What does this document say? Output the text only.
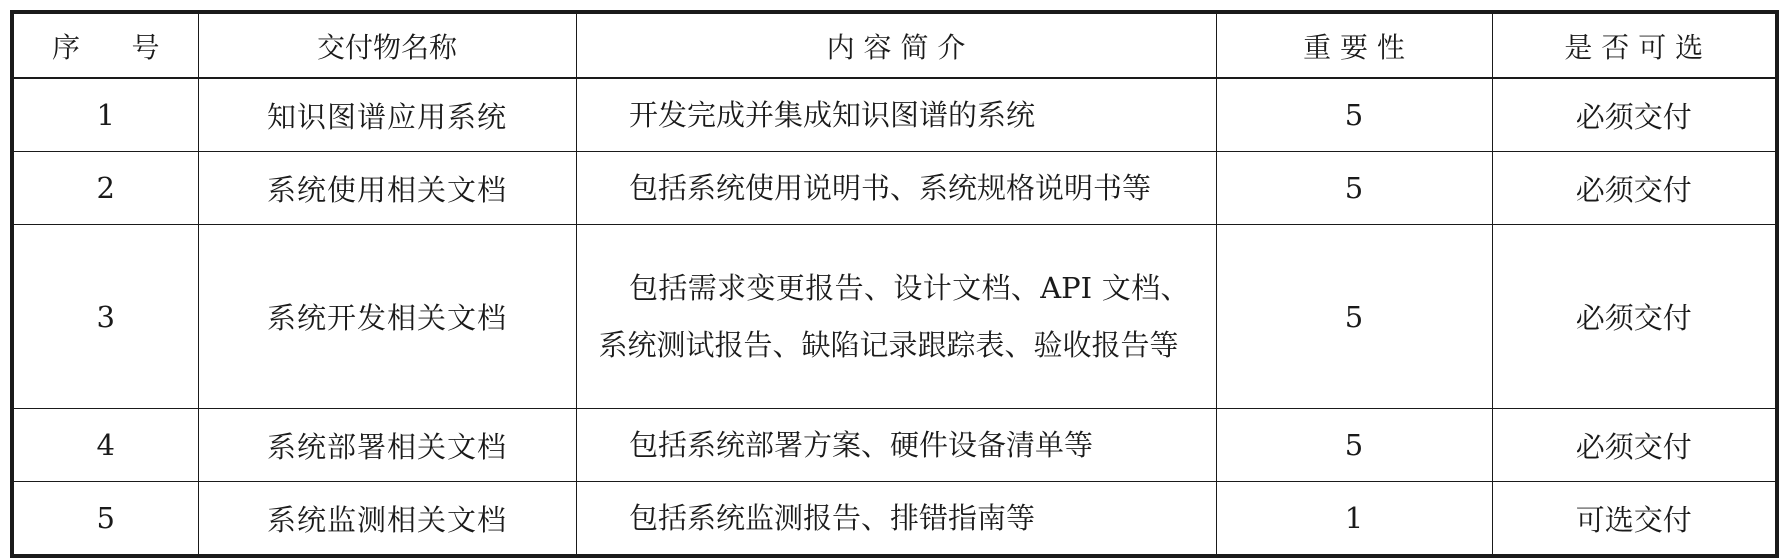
序 号	交付物名称	内 容 简 介	重 要 性	是 否 可 选
1	知识图谱应用系统	开发完成并集成知识图谱的系统	5	必须交付
2	系统使用相关文档	包括系统使用说明书、系统规格说明书等	5	必须交付
3	系统开发相关文档	包括需求变更报告、设计文档、API 文档、系统测试报告、缺陷记录跟踪表、验收报告等	5	必须交付
4	系统部署相关文档	包括系统部署方案、硬件设备清单等	5	必须交付
5	系统监测相关文档	包括系统监测报告、排错指南等	1	可选交付
